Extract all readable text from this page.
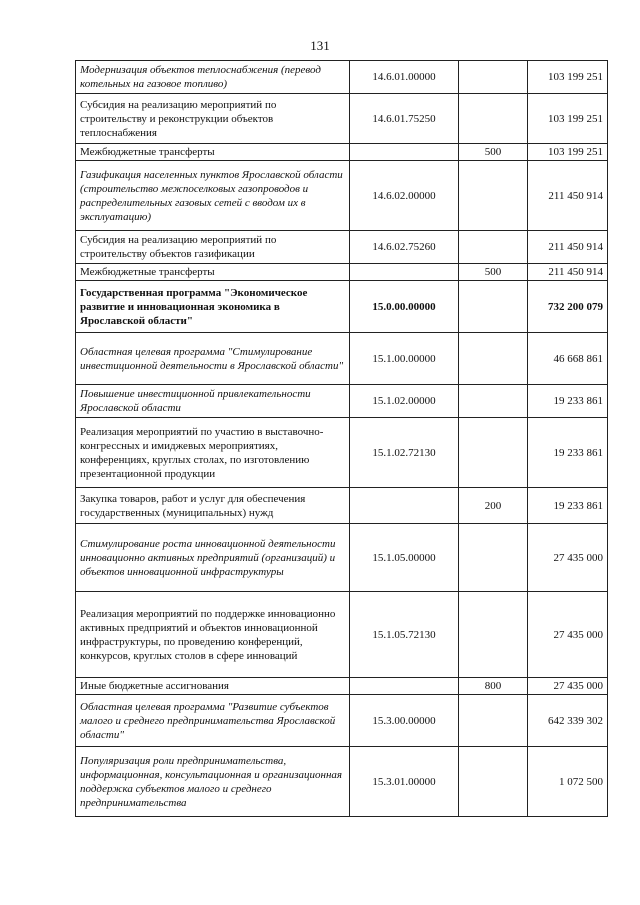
131
Модернизация объектов теплоснабжения (перевод котельных на газовое топливо)	14.6.01.00000		103 199 251
Субсидия на реализацию мероприятий по строительству и реконструкции объектов теплоснабжения	14.6.01.75250		103 199 251
Межбюджетные трансферты		500	103 199 251
Газификация населенных пунктов Ярославской области (строительство межпоселковых газопроводов и распределительных газовых сетей с вводом их в эксплуатацию)	14.6.02.00000		211 450 914
Субсидия на реализацию мероприятий по строительству объектов газификации	14.6.02.75260		211 450 914
Межбюджетные трансферты		500	211 450 914
Государственная программа "Экономическое развитие и инновационная экономика в Ярославской области"	15.0.00.00000		732 200 079
Областная целевая программа "Стимулирование инвестиционной деятельности в Ярославской области"	15.1.00.00000		46 668 861
Повышение инвестиционной привлекательности Ярославской области	15.1.02.00000		19 233 861
Реализация мероприятий по участию в выставочно-конгрессных и имиджевых мероприятиях, конференциях, круглых столах, по изготовлению презентационной продукции	15.1.02.72130		19 233 861
Закупка товаров, работ и услуг для обеспечения государственных (муниципальных) нужд		200	19 233 861
Стимулирование роста инновационной деятельности инновационно активных предприятий (организаций) и объектов инновационной инфраструктуры	15.1.05.00000		27 435 000
Реализация мероприятий по поддержке инновационно активных предприятий и объектов инновационной инфраструктуры, по проведению конференций, конкурсов, круглых столов в сфере инноваций	15.1.05.72130		27 435 000
Иные бюджетные ассигнования		800	27 435 000
Областная целевая программа "Развитие субъектов малого и среднего предпринимательства Ярославской области"	15.3.00.00000		642 339 302
Популяризация роли предпринимательства, информационная, консультационная и организационная поддержка субъектов малого и среднего предпринимательства	15.3.01.00000		1 072 500
